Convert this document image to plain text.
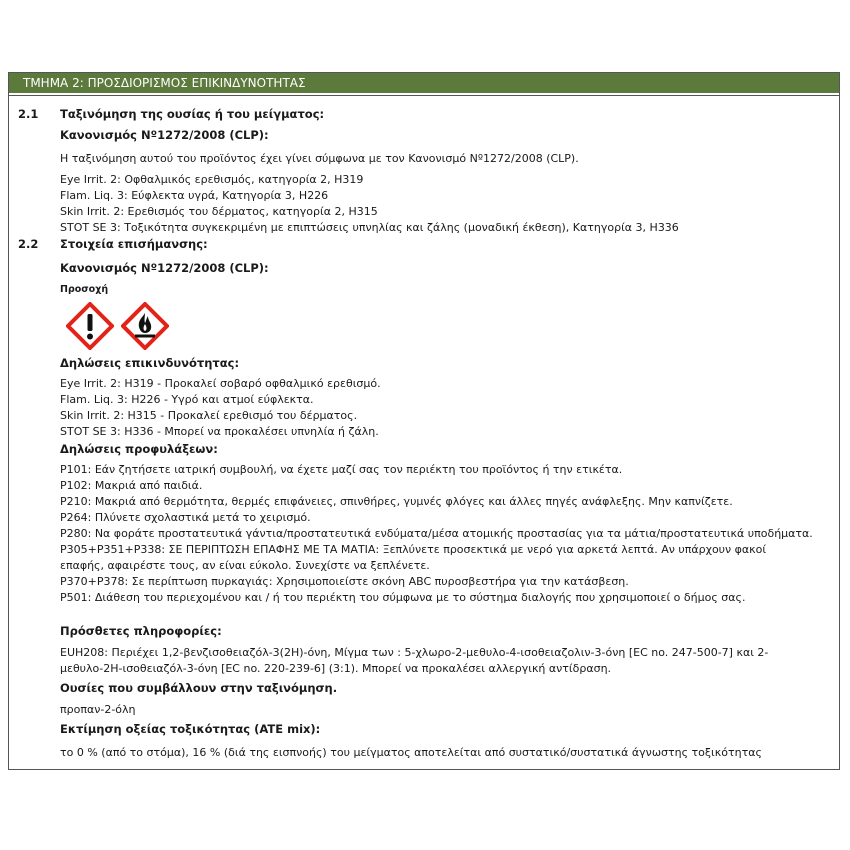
ΤΜΗΜΑ 2: ΠΡΟΣΔΙΟΡΙΣΜΟΣ ΕΠΙΚΙΝΔΥΝΟΤΗΤΑΣ
2.1 Ταξινόμηση της ουσίας ή του μείγματος:
Κανονισμός Nº1272/2008 (CLP):
Η ταξινόμηση αυτού του προϊόντος έχει γίνει σύμφωνα με τον Κανονισμό Nº1272/2008 (CLP).
Eye Irrit. 2: Οφθαλμικός ερεθισμός, κατηγορία 2, H319
Flam. Liq. 3: Εύφλεκτα υγρά, Κατηγορία 3, H226
Skin Irrit. 2: Ερεθισμός του δέρματος, κατηγορία 2, H315
STOT SE 3: Τοξικότητα συγκεκριμένη με επιπτώσεις υπνηλίας και ζάλης (μοναδική έκθεση), Κατηγορία 3, H336
2.2 Στοιχεία επισήμανσης:
Κανονισμός Nº1272/2008 (CLP):
Προσοχή
Δηλώσεις επικινδυνότητας:
Eye Irrit. 2: H319 - Προκαλεί σοβαρό οφθαλμικό ερεθισμό.
Flam. Liq. 3: H226 - Υγρό και ατμοί εύφλεκτα.
Skin Irrit. 2: H315 - Προκαλεί ερεθισμό του δέρματος.
STOT SE 3: H336 - Μπορεί να προκαλέσει υπνηλία ή ζάλη.
Δηλώσεις προφυλάξεων:
P101: Εάν ζητήσετε ιατρική συμβουλή, να έχετε μαζί σας τον περιέκτη του προϊόντος ή την ετικέτα.
P102: Μακριά από παιδιά.
P210: Μακριά από θερμότητα, θερμές επιφάνειες, σπινθήρες, γυμνές φλόγες και άλλες πηγές ανάφλεξης. Μην καπνίζετε.
P264: Πλύνετε σχολαστικά μετά το χειρισμό.
P280: Να φοράτε προστατευτικά γάντια/προστατευτικά ενδύματα/μέσα ατομικής προστασίας για τα μάτια/προστατευτικά υποδήματα.
P305+P351+P338: ΣΕ ΠΕΡΙΠΤΩΣΗ ΕΠΑΦΗΣ ΜΕ ΤΑ ΜΑΤΙΑ: Ξεπλύνετε προσεκτικά με νερό για αρκετά λεπτά. Αν υπάρχουν φακοί
επαφής, αφαιρέστε τους, αν είναι εύκολο. Συνεχίστε να ξεπλένετε.
P370+P378: Σε περίπτωση πυρκαγιάς: Χρησιμοποιείστε σκόνη ABC πυροσβεστήρα για την κατάσβεση.
P501: Διάθεση του περιεχομένου και / ή του περιέκτη του σύμφωνα με το σύστημα διαλογής που χρησιμοποιεί ο δήμος σας.
Πρόσθετες πληροφορίες:
EUH208: Περιέχει 1,2-βενζισοθειαζόλ-3(2H)-όνη, Μίγμα των : 5-χλωρο-2-μεθυλο-4-ισοθειαζολιν-3-όνη [EC no. 247-500-7] και 2-μεθυλο-2H-ισοθειαζόλ-3-όνη [EC no. 220-239-6] (3:1). Μπορεί να προκαλέσει αλλεργική αντίδραση.
Ουσίες που συμβάλλουν στην ταξινόμηση.
προπαν-2-όλη
Εκτίμηση οξείας τοξικότητας (ATE mix):
το 0 % (από το στόμα), 16 % (διά της εισπνοής) του μείγματος αποτελείται από συστατικό/συστατικά άγνωστης τοξικότητας
